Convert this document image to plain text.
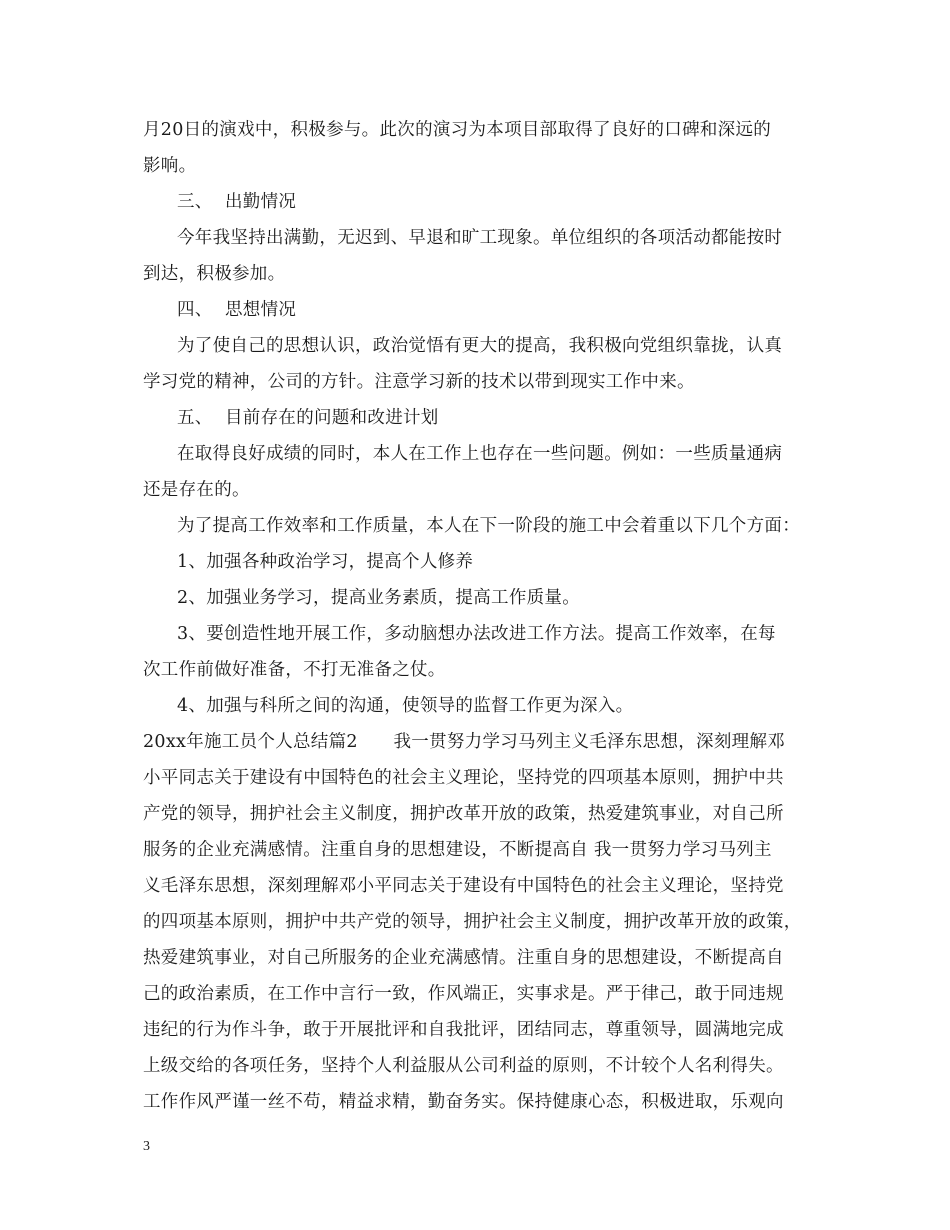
月20日的演戏中，积极参与。此次的演习为本项目部取得了良好的口碑和深远的
影响。
三、 出勤情况
今年我坚持出满勤，无迟到、早退和旷工现象。单位组织的各项活动都能按时
到达，积极参加。
四、 思想情况
为了使自己的思想认识，政治觉悟有更大的提高，我积极向党组织靠拢，认真
学习党的精神，公司的方针。注意学习新的技术以带到现实工作中来。
五、 目前存在的问题和改进计划
在取得良好成绩的同时，本人在工作上也存在一些问题。例如：一些质量通病
还是存在的。
为了提高工作效率和工作质量，本人在下一阶段的施工中会着重以下几个方面：
1、加强各种政治学习，提高个人修养
2、加强业务学习，提高业务素质，提高工作质量。
3、要创造性地开展工作，多动脑想办法改进工作方法。提高工作效率，在每
次工作前做好准备，不打无准备之仗。
4、加强与科所之间的沟通，使领导的监督工作更为深入。
20xx年施工员个人总结篇2　　我一贯努力学习马列主义毛泽东思想，深刻理解邓
小平同志关于建设有中国特色的社会主义理论，坚持党的四项基本原则，拥护中共
产党的领导，拥护社会主义制度，拥护改革开放的政策，热爱建筑事业，对自己所
服务的企业充满感情。注重自身的思想建设，不断提高自 我一贯努力学习马列主
义毛泽东思想，深刻理解邓小平同志关于建设有中国特色的社会主义理论，坚持党
的四项基本原则，拥护中共产党的领导，拥护社会主义制度，拥护改革开放的政策，
热爱建筑事业，对自己所服务的企业充满感情。注重自身的思想建设，不断提高自
己的政治素质，在工作中言行一致，作风端正，实事求是。严于律己，敢于同违规
违纪的行为作斗争，敢于开展批评和自我批评，团结同志，尊重领导，圆满地完成
上级交给的各项任务，坚持个人利益服从公司利益的原则，不计较个人名利得失。
工作作风严谨一丝不苟，精益求精，勤奋务实。保持健康心态，积极进取，乐观向
3
